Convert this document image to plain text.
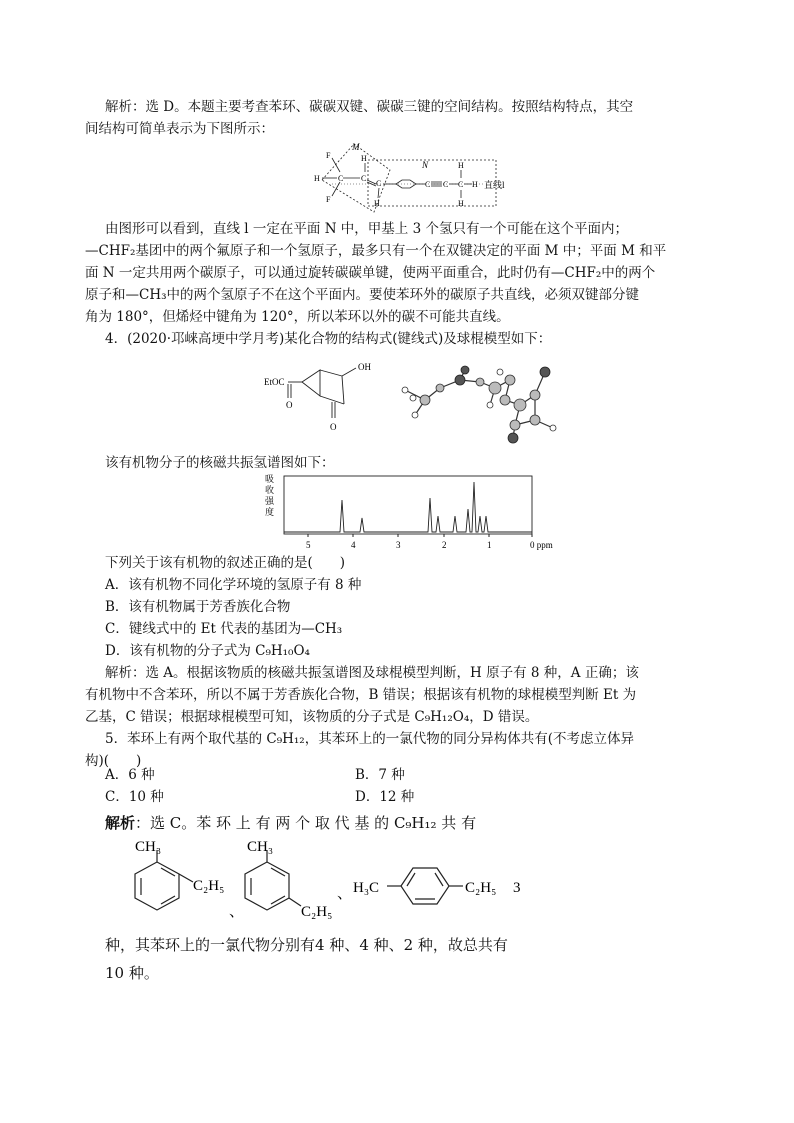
解析：选 D。本题主要考查苯环、碳碳双键、碳碳三键的空间结构。按照结构特点，其空
间结构可简单表示为下图所示：
M
N
F
F
H C
H
C
C
H
C C C H
H
H
直线l
由图形可以看到，直线 l 一定在平面 N 中，甲基上 3 个氢只有一个可能在这个平面内；
—CHF₂基团中的两个氟原子和一个氢原子，最多只有一个在双键决定的平面 M 中；平面 M 和平
面 N 一定共用两个碳原子，可以通过旋转碳碳单键，使两平面重合，此时仍有—CHF₂中的两个
原子和—CH₃中的两个氢原子不在这个平面内。要使苯环外的碳原子共直线，必须双键部分键
角为 180°，但烯烃中键角为 120°，所以苯环以外的碳不可能共直线。
4．(2020·邛崃高埂中学月考)某化合物的结构式(键线式)及球棍模型如下：
EtOC
O
OH
O
该有机物分子的核磁共振氢谱图如下：
吸
收
强
度
5	4	3	2	1	0 ppm
下列关于该有机物的叙述正确的是(　　)
A．该有机物不同化学环境的氢原子有 8 种
B．该有机物属于芳香族化合物
C．键线式中的 Et 代表的基团为—CH₃
D．该有机物的分子式为 C₉H₁₀O₄
解析：选 A。根据该物质的核磁共振氢谱图及球棍模型判断，H 原子有 8 种，A 正确；该
有机物中不含苯环，所以不属于芳香族化合物，B 错误；根据该有机物的球棍模型判断 Et 为
乙基，C 错误；根据球棍模型可知，该物质的分子式是 C₉H₁₂O₄，D 错误。
5．苯环上有两个取代基的 C₉H₁₂，其苯环上的一氯代物的同分异构体共有(不考虑立体异
构)(　　)
A．6 种	B．7 种
C．10 种	D．12 种
解析：选 C。苯 环 上 有 两 个 取 代 基 的 C₉H₁₂ 共 有
CH₃
C₂H₅
、
CH₃
C₂H₅
、 H₃C	C₂H₅ 3
种，其苯环上的一氯代物分别有4 种、4 种、2 种，故总共有
10 种。
